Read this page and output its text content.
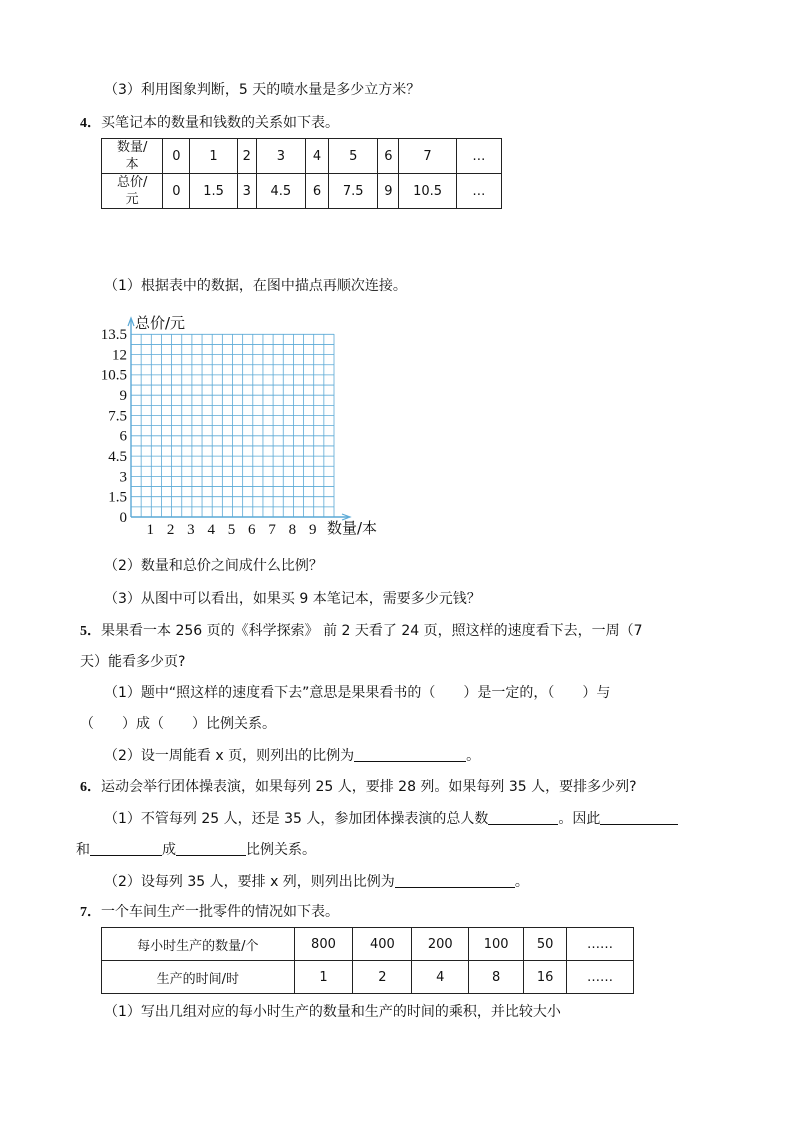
（3）利用图象判断，5 天的喷水量是多少立方米？
4．买笔记本的数量和钱数的关系如下表。
数量/
本	0	1	2	3	4	5	6	7	…
总价/
元	0	1.5	3	4.5	6	7.5	9	10.5	…
（1）根据表中的数据，在图中描点再顺次连接。
0
1.5
3
4.5
6
7.5
9
10.5
12
13.5
1 2 3 4 5 6 7 8 9
总价/元
数量/本
（2）数量和总价之间成什么比例？
（3）从图中可以看出，如果买 9 本笔记本，需要多少元钱？
5．果果看一本 256 页的《科学探索》 前 2 天看了 24 页，照这样的速度看下去，一周（7
天）能看多少页?
（1）题中“照这样的速度看下去”意思是果果看书的（　　）是一定的，（　　）与
（　　）成（　　）比例关系。
（2）设一周能看 x 页，则列出的比例为	。
6．运动会举行团体操表演，如果每列 25 人，要排 28 列。如果每列 35 人，要排多少列?
（1）不管每列 25 人，还是 35 人，参加团体操表演的总人数	。因此
和	成	比例关系。
（2）设每列 35 人，要排 x 列，则列出比例为	。
7．一个车间生产一批零件的情况如下表。
每小时生产的数量/个	800	400	200	100	50	……
生产的时间/时	1	2	4	8	16	……
（1）写出几组对应的每小时生产的数量和生产的时间的乘积，并比较大小
